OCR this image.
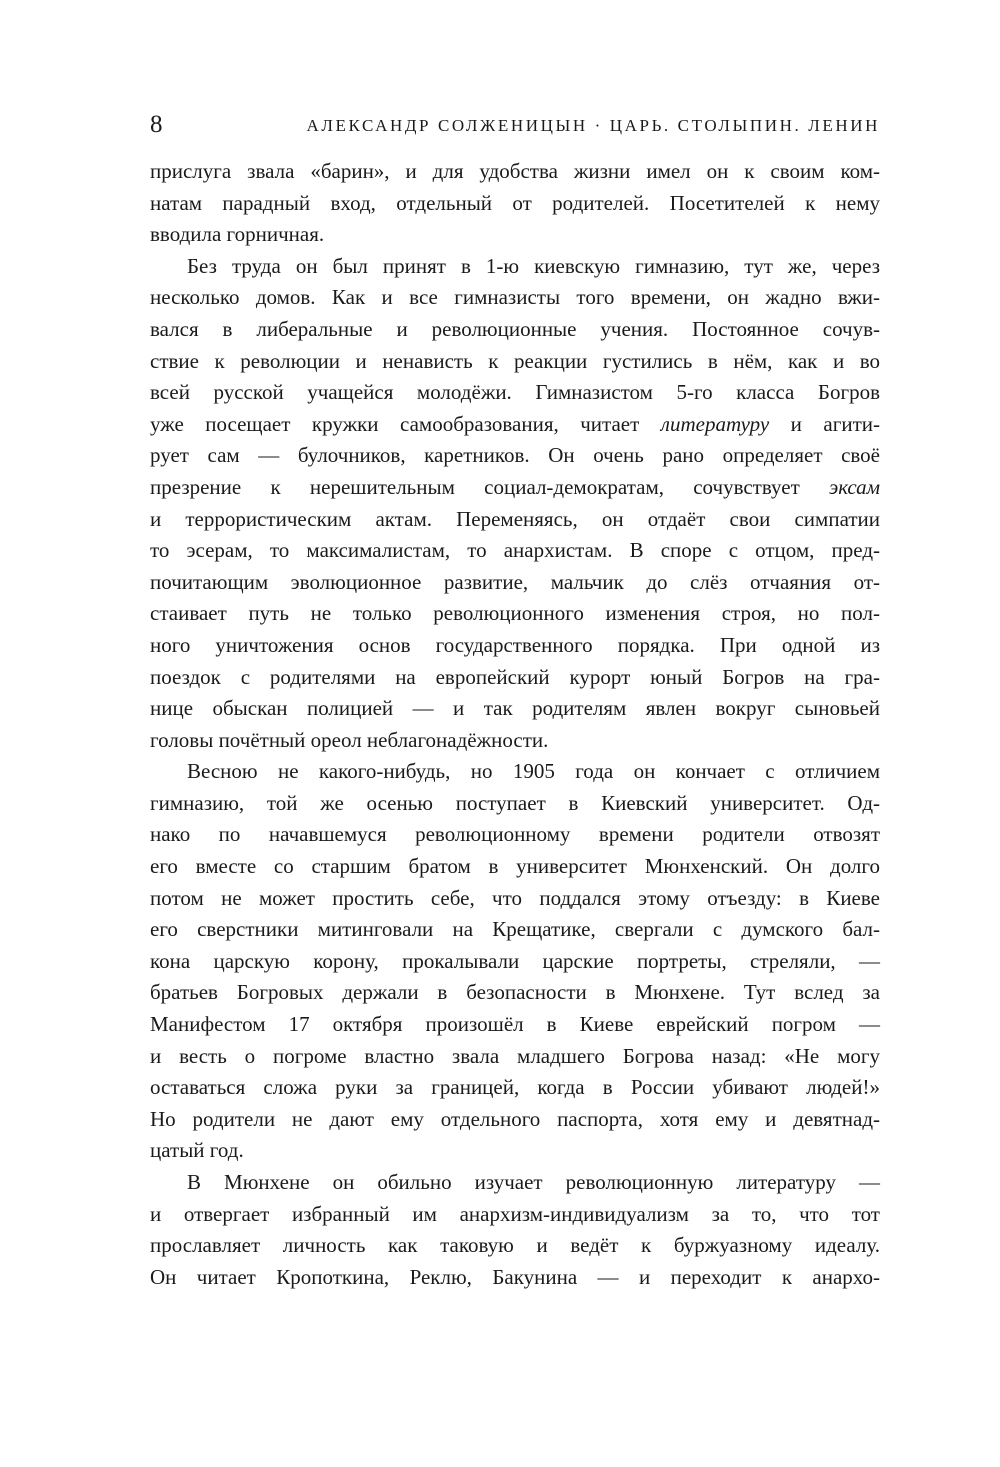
8	АЛЕКСАНДР СОЛЖЕНИЦЫН · ЦАРЬ. СТОЛЫПИН. ЛЕНИН
прислуга звала «барин», и для удобства жизни имел он к своим ком-
натам парадный вход, отдельный от родителей. Посетителей к нему
вводила горничная.
Без труда он был принят в 1-ю киевскую гимназию, тут же, через
несколько домов. Как и все гимназисты того времени, он жадно вжи-
вался в либеральные и революционные учения. Постоянное сочув-
ствие к революции и ненависть к реакции густились в нём, как и во
всей русской учащейся молодёжи. Гимназистом 5-го класса Богров
уже посещает кружки самообразования, читает литературу и агити-
рует сам — булочников, каретников. Он очень рано определяет своё
презрение к нерешительным социал-демократам, сочувствует эксам
и террористическим актам. Переменяясь, он отдаёт свои симпатии
то эсерам, то максималистам, то анархистам. В споре с отцом, пред-
почитающим эволюционное развитие, мальчик до слёз отчаяния от-
стаивает путь не только революционного изменения строя, но пол-
ного уничтожения основ государственного порядка. При одной из
поездок с родителями на европейский курорт юный Богров на гра-
нице обыскан полицией — и так родителям явлен вокруг сыновьей
головы почётный ореол неблагонадёжности.
Весною не какого-нибудь, но 1905 года он кончает с отличием
гимназию, той же осенью поступает в Киевский университет. Од-
нако по начавшемуся революционному времени родители отвозят
его вместе со старшим братом в университет Мюнхенский. Он долго
потом не может простить себе, что поддался этому отъезду: в Киеве
его сверстники митинговали на Крещатике, свергали с думского бал-
кона царскую корону, прокалывали царские портреты, стреляли, —
братьев Богровых держали в безопасности в Мюнхене. Тут вслед за
Манифестом 17 октября произошёл в Киеве еврейский погром —
и весть о погроме властно звала младшего Богрова назад: «Не могу
оставаться сложа руки за границей, когда в России убивают людей!»
Но родители не дают ему отдельного паспорта, хотя ему и девятнад-
цатый год.
В Мюнхене он обильно изучает революционную литературу —
и отвергает избранный им анархизм-индивидуализм за то, что тот
прославляет личность как таковую и ведёт к буржуазному идеалу.
Он читает Кропоткина, Реклю, Бакунина — и переходит к анархо-
